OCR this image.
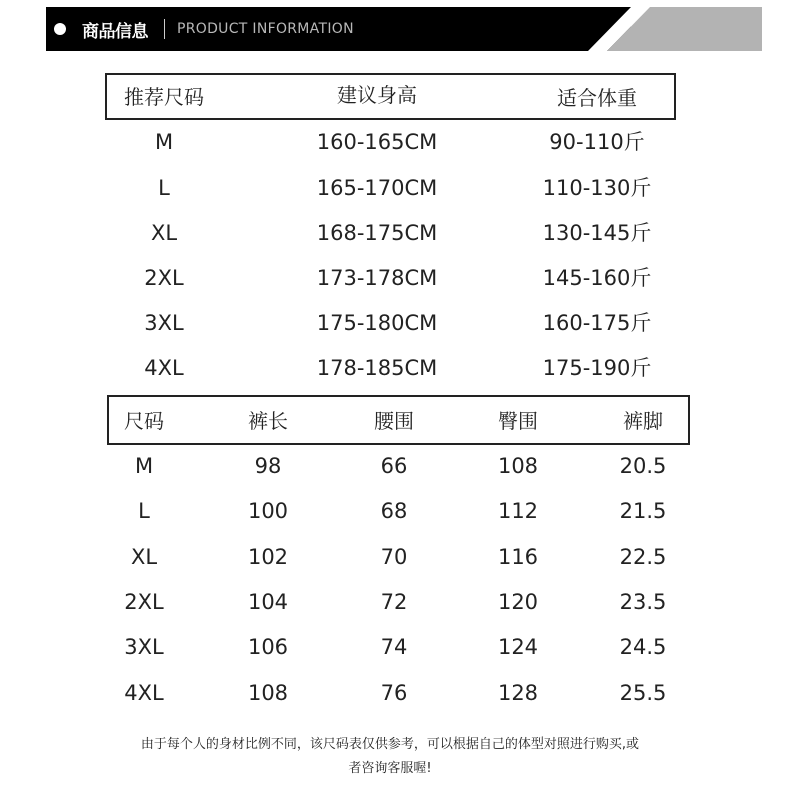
商品信息 PRODUCT INFORMATION
推荐尺码	建议身高	适合体重
M	160-165CM	90-110斤
L	165-170CM	110-130斤
XL	168-175CM	130-145斤
2XL	173-178CM	145-160斤
3XL	175-180CM	160-175斤
4XL	178-185CM	175-190斤
尺码	裤长	腰围	臀围	裤脚
M	98	66	108	20.5
L	100	68	112	21.5
XL	102	70	116	22.5
2XL	104	72	120	23.5
3XL	106	74	124	24.5
4XL	108	76	128	25.5
由于每个人的身材比例不同，该尺码表仅供参考，可以根据自己的体型对照进行购买,或
者咨询客服喔!
